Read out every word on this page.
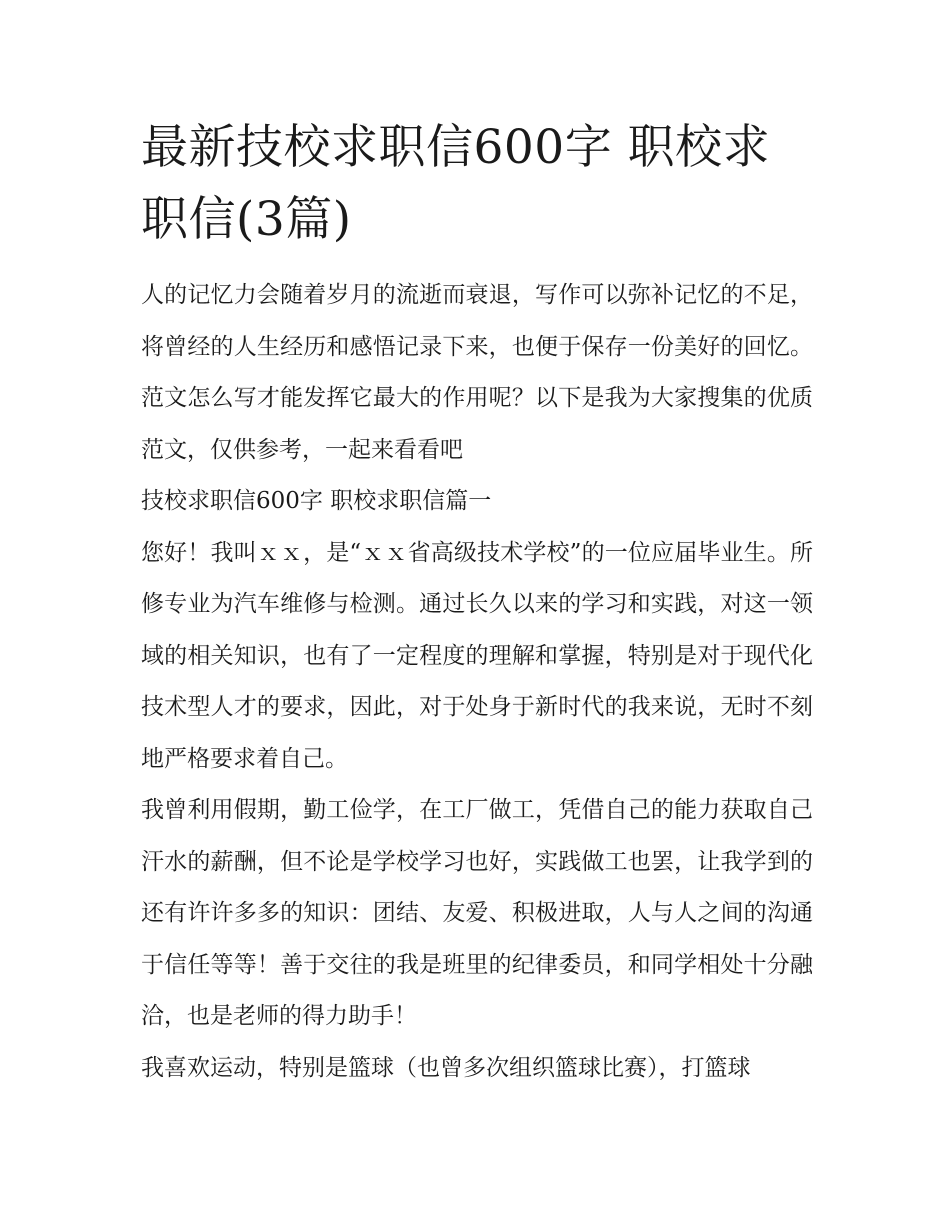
最新技校求职信600字 职校求职信(3篇)

人的记忆力会随着岁月的流逝而衰退，写作可以弥补记忆的不足，将曾经的人生经历和感悟记录下来，也便于保存一份美好的回忆。范文怎么写才能发挥它最大的作用呢？以下是我为大家搜集的优质范文，仅供参考，一起来看看吧

技校求职信600字 职校求职信篇一

您好！我叫ｘｘ，是“ｘｘ省高级技术学校”的一位应届毕业生。所修专业为汽车维修与检测。通过长久以来的学习和实践，对这一领域的相关知识，也有了一定程度的理解和掌握，特别是对于现代化技术型人才的要求，因此，对于处身于新时代的我来说，无时不刻地严格要求着自己。

我曾利用假期，勤工俭学，在工厂做工，凭借自己的能力获取自己汗水的薪酬，但不论是学校学习也好，实践做工也罢，让我学到的还有许许多多的知识：团结、友爱、积极进取，人与人之间的沟通于信任等等！善于交往的我是班里的纪律委员，和同学相处十分融洽，也是老师的得力助手！

我喜欢运动，特别是篮球（也曾多次组织篮球比赛），打篮球
